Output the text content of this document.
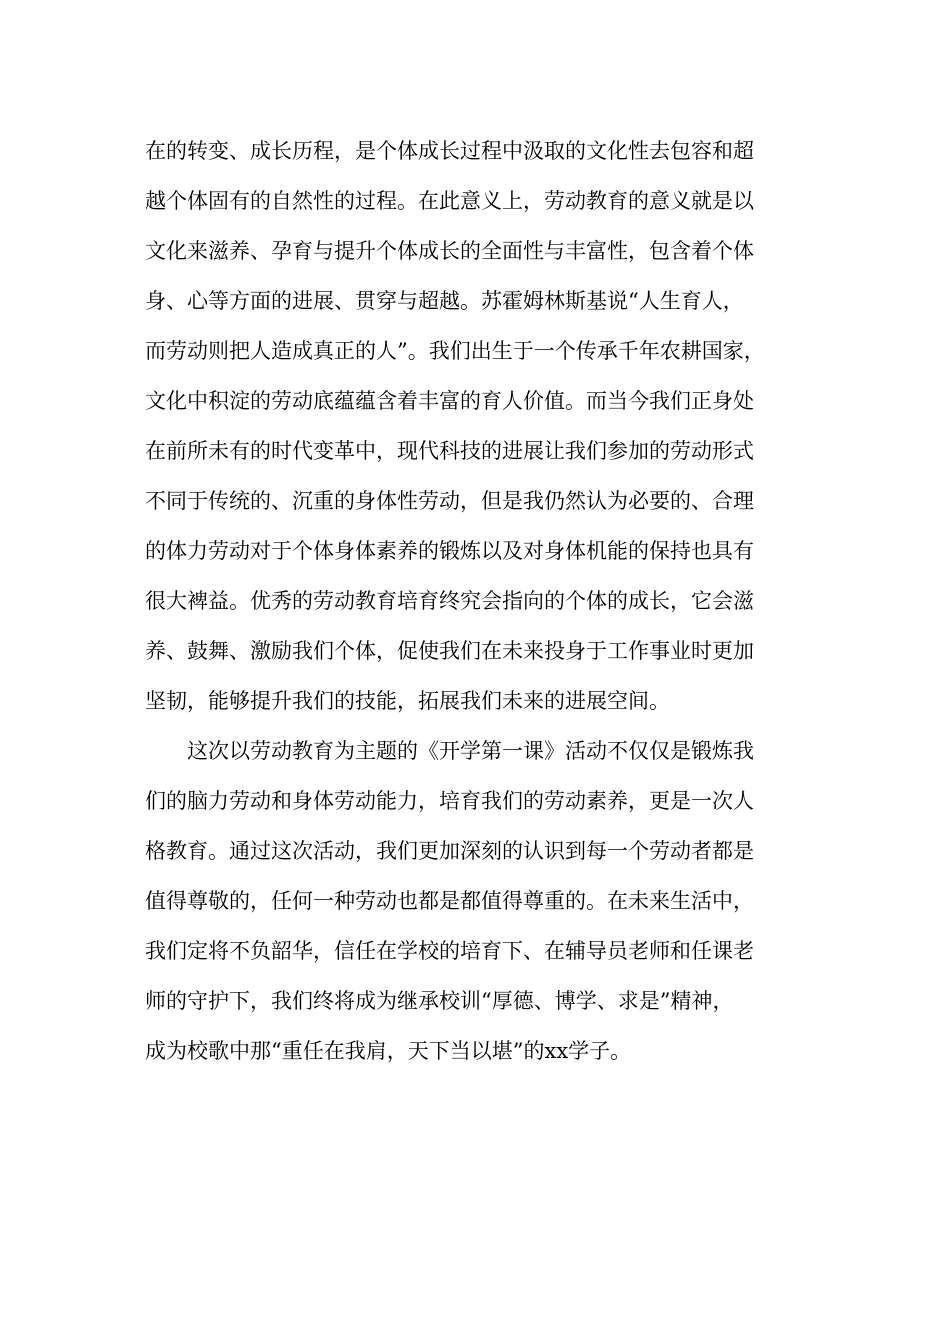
在的转变、成长历程，是个体成长过程中汲取的文化性去包容和超
越个体固有的自然性的过程。在此意义上，劳动教育的意义就是以
文化来滋养、孕育与提升个体成长的全面性与丰富性，包含着个体
身、心等方面的进展、贯穿与超越。苏霍姆林斯基说“人生育人，
而劳动则把人造成真正的人”。我们出生于一个传承千年农耕国家，
文化中积淀的劳动底蕴蕴含着丰富的育人价值。而当今我们正身处
在前所未有的时代变革中，现代科技的进展让我们参加的劳动形式
不同于传统的、沉重的身体性劳动，但是我仍然认为必要的、合理
的体力劳动对于个体身体素养的锻炼以及对身体机能的保持也具有
很大裨益。优秀的劳动教育培育终究会指向的个体的成长，它会滋
养、鼓舞、激励我们个体，促使我们在未来投身于工作事业时更加
坚韧，能够提升我们的技能，拓展我们未来的进展空间。
这次以劳动教育为主题的《开学第一课》活动不仅仅是锻炼我
们的脑力劳动和身体劳动能力，培育我们的劳动素养，更是一次人
格教育。通过这次活动，我们更加深刻的认识到每一个劳动者都是
值得尊敬的，任何一种劳动也都是都值得尊重的。在未来生活中，
我们定将不负韶华，信任在学校的培育下、在辅导员老师和任课老
师的守护下，我们终将成为继承校训“厚德、博学、求是”精神，
成为校歌中那“重任在我肩，天下当以堪”的xx学子。
